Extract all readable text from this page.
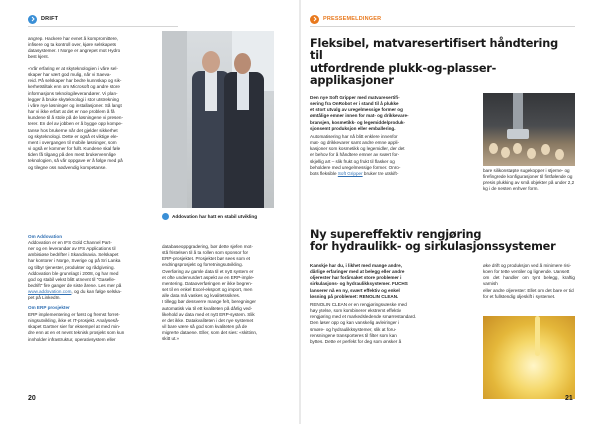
DRIFT
angrep. Hackere har evnet å kompromittere,
infisere og ta kontroll over, kjøre selskapets
datasystemer. I Norge er angrepet mot Hydro
best kjent.
«Vår erfaring er at skyteknologien i våre sel-
skaper har vært god mulig, når vi Saeva-
reid. På selskaper har bedre kunnskap og sik-
kerhetstiltak enn om Microsoft og andre store
informasjons teknologileverandører. Vi plan-
legger å bruke skyteknologi i stor utstrekning
i våre nye løsninger og installasjoner. Så langt
har vi ikke erfart at det er noe problem å få
kundene til å stole på de løsningene vi presen-
terer. En del av jobben er å bygge opp kompe-
tanse hos brukerne når det gjelder sikkerhet
og skyteknologi. Dette er også et viktige ele-
ment i overgangen til mobile løsninger, som
vi også er kommer for fullt. Kundene skal føle
tiden få tilgang på den mest brukervennlige
teknologien, så vår oppgave er å følge med på
og tilegne oss nødvendig kompetanse.
Om Addovation
Addovation er en IFS Gold Channel Part-
ner og en leverandør av IFS Applications til
ambisiøse bedrifter i Skandinavia. Selskapet
har kontorer i Norge, Sverige og på Sri Lanka
og tilbyr tjenester, produkter og rådgivning.
Addovation ble grunnlagt i 2008, og har med
god og stabil vekst blitt utnevnt til "Gaselle-
bedrift" fire ganger de siste årene. Les mer på
www.addovation.com, og du kan følge selska-
pet på LinkedIn.
Om ERP prosjekter
ERP implementering er først og fremst forret-
ningsutvikling, ikke et IT-prosjekt. Analyseså-
skapet Gartner sier for eksempel at med min-
dre enn at en et nevnt teknisk prosjekt som kun
innholder infrastruktur, operativsystem eller
Addovation har hatt en stabil utvikling
databaseoppgradering, bør dette sjefen mot-
stå fristelsen til å ta rollen som sponsor for
ERP-prosjektet. Prosjektet bør sees som et
endringsprosjekt og forretningsutvikling.
Overføring av gamle data til et nytt system er
et ofte undervurdert aspekt av en ERP-imple-
mentering. Dataoverføringen er ikke begren-
set til en enkel Excel-eksport og import, men
alle data må vaskes og kvalitetssikres.
I tillegg bør dessverre mange felt, beregninger
automatisk via til ett kvaliteten på dårlig ved-
likehold av data med et nytt ERP-system. Slik
er det ikke. Datakvaliteten i det nye systemet
vil bare være så god som kvaliteten på de
migrerte dataene. Eller, som det sies: «skittinn,
skitt ut.»
20
PRESSEMELDINGER
Fleksibel, matvaresertifisert håndtering til
utfordrende plukk-og-plasser-applikasjoner
Den nye Soft Gripper med matvaresertifi-
sering fra OnRobot er i stand til å plukke
et stort utvalg av uregelmessige former og
ømtålige emner innen for mat- og drikkevare-
bransjen, kosmetikk- og legemiddelproduk-
sjonsemt produksjon eller emballering.
Automatisering har nå blitt enklere innenfor
mat- og drikkevarer samt andre emne appli-
kasjoner som kosmetikk og legemidler, der det
er behov for å håndtere emner av svært for-
skjellig art – slik frukt og frukt til flasker og
beholdere med uregelmessige former. Onro-
bots fleksible Soft Gripper bruker tre utskift-
bare silikonstøpte sugekopper i stjerne- og
firefingrede konfigurasjoner til fintfølende og
presis plukking av små objekter på under 2,2
kg i de nesten enhver form.
Ny supereffektiv rengjøring
for hydraulikk- og sirkulasjonssystemer
Kanskje har du, i likhet med mange andre,
dårlige erfaringer med at belegg eller andre
oljerester har forårsaket store problemer i
sirkulasjons- og hydraulikksystemer. FUCHS
lanserer nå en ny, svært effektiv og enkel
løsning på problemet: RENOLIN CLEAN.
RENOLIN CLEAN er en rengjøringsvæske med
høy ytelse, som kombinerer ekstremt effektiv
rengjøring med et markedsledende smørrestandard.
Den løser opp og kan vanskelig avleiringer i
smøre- og hydraulikksystemer, slik at foru-
rensningene transporteres til filter som kan
byttes. Dette er perfekt for deg som ønsker å
øke drift og produksjon ved å minimere risi-
koen for tette ventiler og lignende. Uansett
om det handler om tynt belegg, kraftig varnish
eller andre oljerester: Ellet om det bare er tid
for et fullstendig oljeskift i systemet.
21
